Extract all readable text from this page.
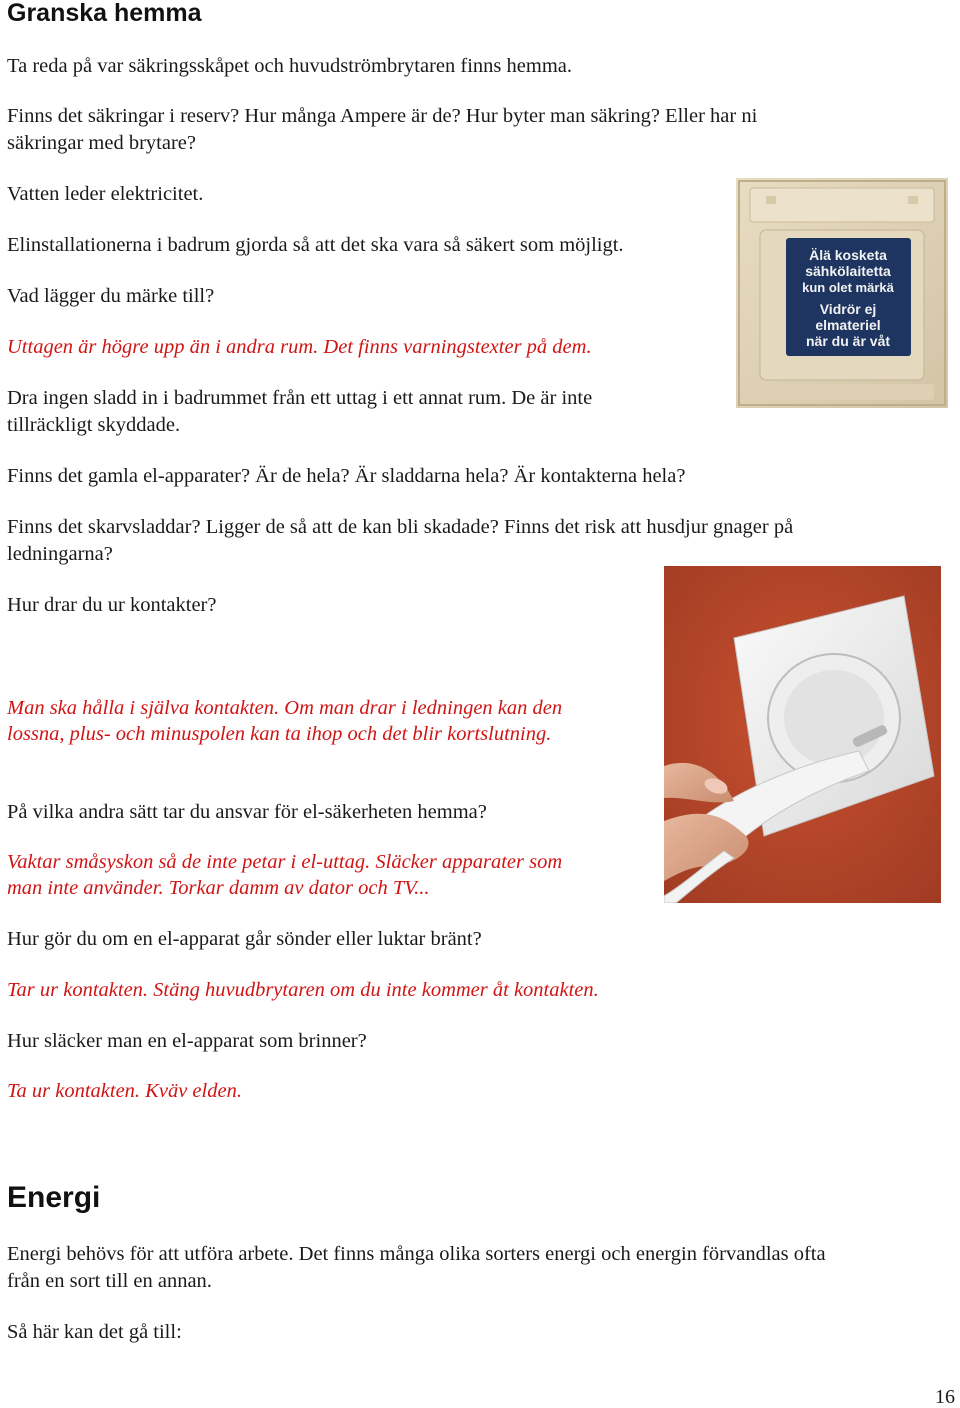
Granska hemma

Ta reda på var säkringsskåpet och huvudströmbrytaren finns hemma.

Finns det säkringar i reserv? Hur många Ampere är de? Hur byter man säkring? Eller har ni

säkringar med brytare?

Vatten leder elektricitet.

Elinstallationerna i badrum gjorda så att det ska vara så säkert som möjligt.

Vad lägger du märke till?

Uttagen är högre upp än i andra rum. Det finns varningstexter på dem.

Dra ingen sladd in i badrummet från ett uttag i ett annat rum. De är inte

tillräckligt skyddade.

Finns det gamla el-apparater? Är de hela? Är sladdarna hela? Är kontakterna hela?

Finns det skarvsladdar? Ligger de så att de kan bli skadade? Finns det risk att husdjur gnager på

ledningarna?

Hur drar du ur kontakter?

Man ska hålla i själva kontakten. Om man drar i ledningen kan den

lossna, plus- och minuspolen kan ta ihop och det blir kortslutning.

På vilka andra sätt tar du ansvar för el-säkerheten hemma?

Vaktar småsyskon så de inte petar i el-uttag. Släcker apparater som

man inte använder. Torkar damm av dator och TV...

Hur gör du om en el-apparat går sönder eller luktar bränt?

Tar ur kontakten. Stäng huvudbrytaren om du inte kommer åt kontakten.

Hur släcker man en el-apparat som brinner?

Ta ur kontakten. Kväv elden.

Energi

Energi behövs för att utföra arbete. Det finns många olika sorters energi och energin förvandlas ofta

från en sort till en annan.

Så här kan det gå till:

Älä kosketa
sähkölaitetta
kun olet märkä
Vidrör ej
elmateriel
när du är våt
16
